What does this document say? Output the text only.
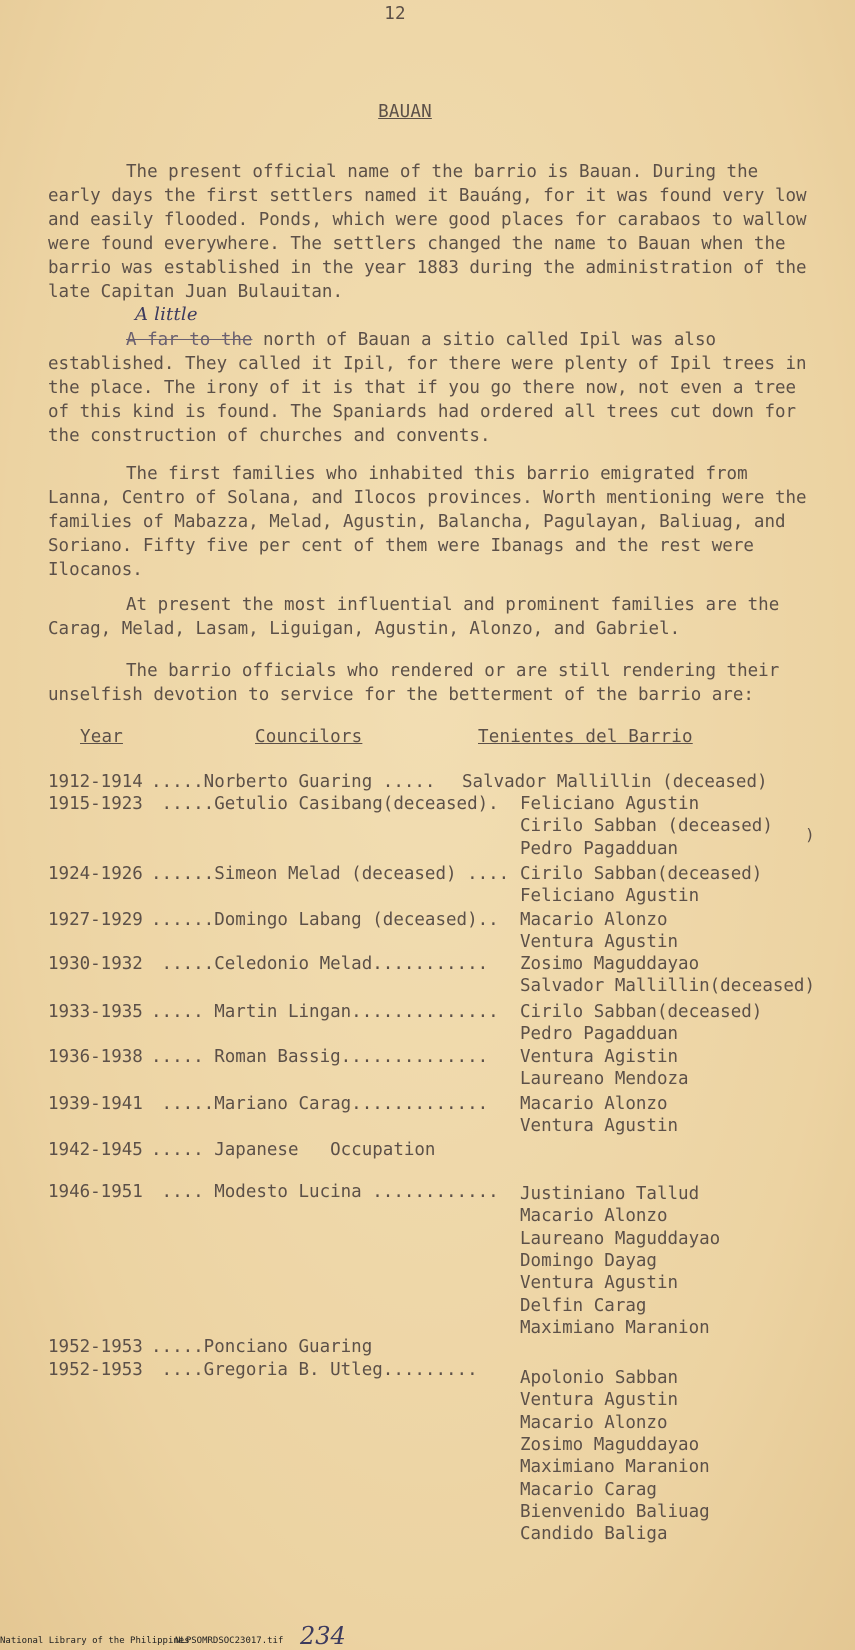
12
BAUAN
The present official name of the barrio is Bauan. During the early days the first settlers named it Bauáng, for it was found very low and easily flooded. Ponds, which were good places for carabaos to wallow were found everywhere. The settlers changed the name to Bauan when the barrio was established in the year 1883 during the administration of the late Capitan Juan Bulauitan.
A little
A far to the north of Bauan a sitio called Ipil was also established. They called it Ipil, for there were plenty of Ipil trees in the place. The irony of it is that if you go there now, not even a tree of this kind is found. The Spaniards had ordered all trees cut down for the construction of churches and convents.
The first families who inhabited this barrio emigrated from Lanna, Centro of Solana, and Ilocos provinces. Worth mentioning were the families of Mabazza, Melad, Agustin, Balancha, Pagulayan, Baliuag, and Soriano. Fifty five per cent of them were Ibanags and the rest were Ilocanos.
At present the most influential and prominent families are the Carag, Melad, Lasam, Liguigan, Agustin, Alonzo, and Gabriel.
The barrio officials who rendered or are still rendering their unselfish devotion to service for the betterment of the barrio are:
Year	Councilors	Tenientes del Barrio
1912-1914 .....Norberto Guaring ..... Salvador Mallillin (deceased)
1915-1923 .....Getulio Casibang(deceased). Feliciano Agustin
Cirilo Sabban (deceased)
Pedro Pagadduan
1924-1926 ......Simeon Melad (deceased) .... Cirilo Sabban(deceased)
Feliciano Agustin
1927-1929 ......Domingo Labang (deceased).. Macario Alonzo
Ventura Agustin
1930-1932 .....Celedonio Melad........... Zosimo Maguddayao
Salvador Mallillin(deceased)
1933-1935 ..... Martin Lingan.............. Cirilo Sabban(deceased)
Pedro Pagadduan
1936-1938 ..... Roman Bassig.............. Ventura Agistin
Laureano Mendoza
1939-1941 .....Mariano Carag............. Macario Alonzo
Ventura Agustin
1942-1945 ..... Japanese   Occupation
1946-1951 .... Modesto Lucina ............ Justiniano Tallud
Macario Alonzo
Laureano Maguddayao
Domingo Dayag
Ventura Agustin
Delfin Carag
Maximiano Maranion
1952-1953 .....Ponciano Guaring
1952-1953 ....Gregoria B. Utleg......... Apolonio Sabban
Ventura Agustin
Macario Alonzo
Zosimo Maguddayao
Maximiano Maranion
Macario Carag
Bienvenido Baliuag
Candido Baliga
)
National Library of the Philippines
NLPSOMRDSOC23017.tif 234
